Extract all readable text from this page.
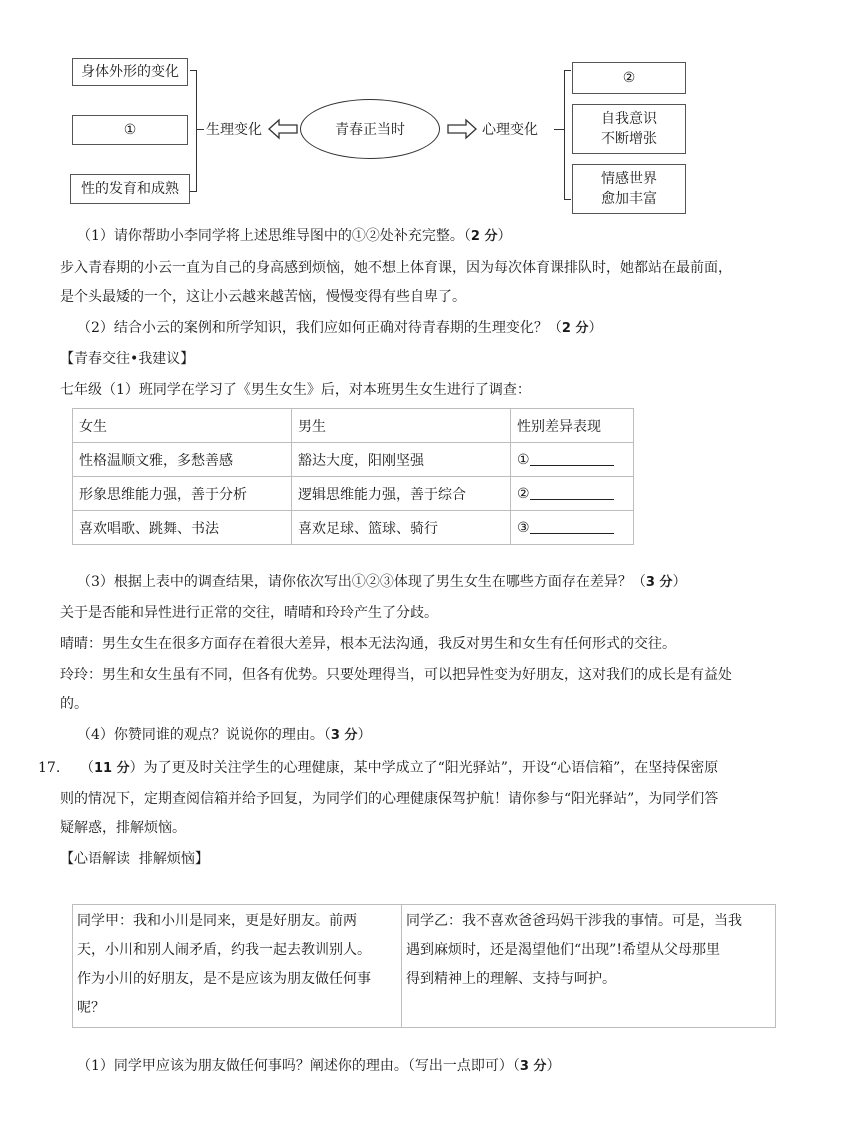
身体外形的变化
①
性的发育和成熟
生理变化	青春正当时	心理变化
②
自我意识
不断增张
情感世界
愈加丰富
（1）请你帮助小李同学将上述思维导图中的①②处补充完整。（2 分）
步入青春期的小云一直为自己的身高感到烦恼，她不想上体育课，因为每次体育课排队时，她都站在最前面，
是个头最矮的一个，这让小云越来越苦恼，慢慢变得有些自卑了。
（2）结合小云的案例和所学知识，我们应如何正确对待青春期的生理变化？（2 分）
【青春交往•我建议】
七年级（1）班同学在学习了《男生女生》后，对本班男生女生进行了调查：
女生	男生	性别差异表现
性格温顺文雅，多愁善感	豁达大度，阳刚坚强	①
形象思维能力强，善于分析	逻辑思维能力强，善于综合	②
喜欢唱歌、跳舞、书法	喜欢足球、篮球、骑行	③
（3）根据上表中的调查结果，请你依次写出①②③体现了男生女生在哪些方面存在差异？（3 分）
关于是否能和异性进行正常的交往，晴晴和玲玲产生了分歧。
晴晴：男生女生在很多方面存在着很大差异，根本无法沟通，我反对男生和女生有任何形式的交往。
玲玲：男生和女生虽有不同，但各有优势。只要处理得当，可以把异性变为好朋友，这对我们的成长是有益处
的。
（4）你赞同谁的观点？说说你的理由。（3 分）
17. （11 分）为了更及时关注学生的心理健康，某中学成立了“阳光驿站”，开设“心语信箱”，在坚持保密原
则的情况下，定期查阅信箱并给予回复，为同学们的心理健康保驾护航！请你参与“阳光驿站”，为同学们答
疑解惑，排解烦恼。
【心语解读  排解烦恼】
同学甲：我和小川是同来，更是好朋友。前两
天，小川和别人闹矛盾，约我一起去教训别人。
作为小川的好朋友，是不是应该为朋友做任何事
呢？

同学乙：我不喜欢爸爸玛妈干涉我的事情。可是，当我
遇到麻烦时，还是渴望他们“出现”!希望从父母那里
得到精神上的理解、支持与呵护。
（1）同学甲应该为朋友做任何事吗？阐述你的理由。（写出一点即可）（3 分）
